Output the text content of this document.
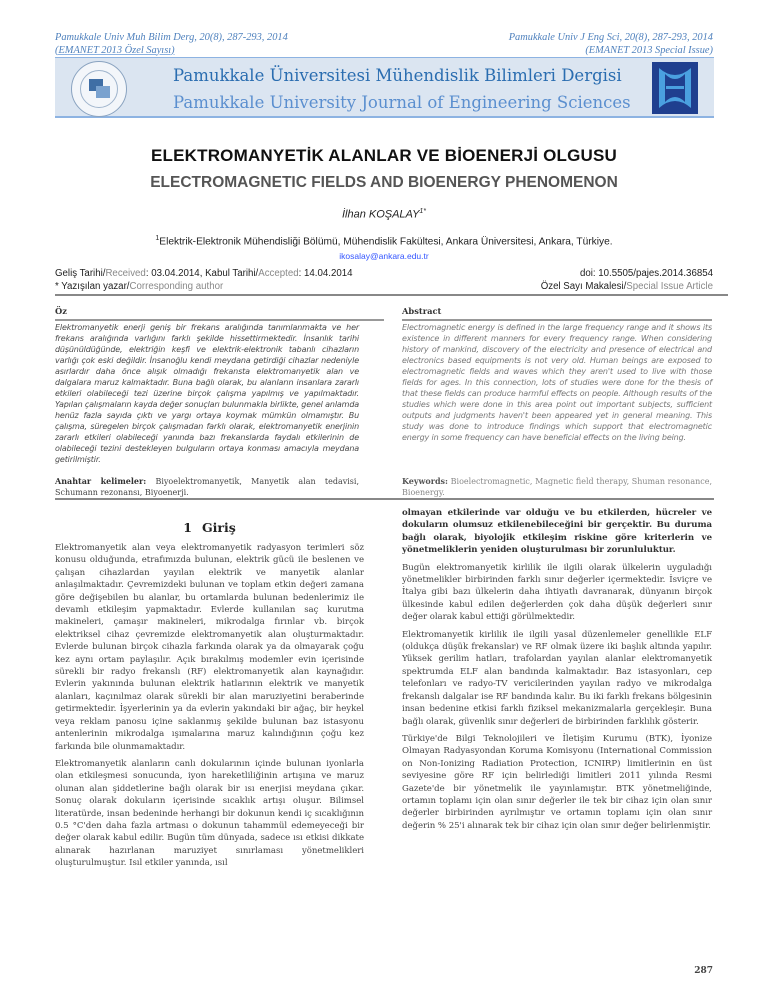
Pamukkale Univ Muh Bilim Derg, 20(8), 287-293, 2014
(EMANET 2013 Özel Sayısı)
Pamukkale Univ J Eng Sci, 20(8), 287-293, 2014
(EMANET 2013 Special Issue)
Pamukkale Üniversitesi Mühendislik Bilimleri Dergisi
Pamukkale University Journal of Engineering Sciences
ELEKTROMANYETİK ALANLAR VE BİOENERJİ OLGUSU
ELECTROMAGNETIC FIELDS AND BIOENERGY PHENOMENON
İlhan $KOŞALAY^{1*}$
$^1$Elektrik-Elektronik Mühendisliği Bölümü, Mühendislik Fakültesi, Ankara Üniversitesi, Ankara, Türkiye.
ikosalay@ankara.edu.tr
Geliş Tarihi/Received: 03.04.2014, Kabul Tarihi/Accepted: 14.04.2014
* Yazışılan yazar/Corresponding author
doi: 10.5505/pajes.2014.36854
Özel Sayı Makalesi/Special Issue Article
Öz
Elektromanyetik enerji geniş bir frekans aralığında tanımlanmakta ve her frekans aralığında varlığını farklı şekilde hissettirmektedir. İnsanlık tarihi düşünüldüğünde, elektriğin keşfi ve elektrik-elektronik tabanlı cihazların varlığı çok eski değildir. İnsanoğlu kendi meydana getirdiği cihazlar nedeniyle asırlardır daha önce alışık olmadığı frekansta elektromanyetik alan ve dalgalara maruz kalmaktadır. Buna bağlı olarak, bu alanların insanlara zararlı etkileri olabileceği tezi üzerine birçok çalışma yapılmış ve yapılmaktadır. Yapılan çalışmaların kayda değer sonuçları bulunmakla birlikte, genel anlamda henüz fazla sayıda çıktı ve yargı ortaya koymak mümkün olmamıştır. Bu çalışma, süregelen birçok çalışmadan farklı olarak, elektromanyetik enerjinin zararlı etkileri olabileceği yanında bazı frekanslarda faydalı etkilerinin de olabileceği tezini destekleyen bulguların ortaya konması amacıyla meydana getirilmiştir.
Anahtar kelimeler: Biyoelektromanyetik, Manyetik alan tedavisi, Schumann rezonansı, Biyoenerji.
Abstract
Electromagnetic energy is defined in the large frequency range and it shows its existence in different manners for every frequency range. When considering history of mankind, discovery of the electricity and presence of electrical and electronics based equipments is not very old. Human beings are exposed to electromagnetic fields and waves which they aren't used to live with those fields for ages. In this connection, lots of studies were done for the thesis of that these fields can produce harmful effects on people. Although results of the studies which were done in this area point out important subjects, sufficient outputs and judgments haven't been appeared yet in general meaning. This study was done to introduce findings which support that electromagnetic energy in some frequency can have beneficial effects on the living being.
Keywords: Bioelectromagnetic, Magnetic field therapy, Shuman resonance, Bioenergy.
1 Giriş

Elektromanyetik alan veya elektromanyetik radyasyon terimleri söz konusu olduğunda, etrafımızda bulunan, elektrik gücü ile beslenen ve çalışan cihazlardan yayılan elektrik ve manyetik alanlar anlaşılmaktadır. Çevremizdeki bulunan ve toplam etkin değeri zamana göre değişebilen bu alanlar, bu ortamlarda bulunan bedenlerimiz ile devamlı etkileşim yapmaktadır. Evlerde kullanılan saç kurutma makineleri, çamaşır makineleri, mikrodalga fırınlar vb. birçok elektriksel cihaz çevremizde elektromanyetik alan oluşturmaktadır. Evlerde bulunan birçok cihazla farkında olarak ya da olmayarak çoğu kez aynı ortam paylaşılır. Açık bırakılmış modemler evin içerisinde sürekli bir radyo frekanslı (RF) elektromanyetik alan kaynağıdır. Evlerin yakınında bulunan elektrik hatlarının elektrik ve manyetik alanları, kaçınılmaz olarak sürekli bir alan maruziyetini beraberinde getirmektedir. İşyerlerinin ya da evlerin yakındaki bir ağaç, bir heykel veya reklam panosu içine saklanmış şekilde bulunan baz istasyonu antenlerinin mikrodalga ışımalarına maruz kalındığının çoğu kez farkında bile olunmamaktadır.

Elektromanyetik alanların canlı dokularının içinde bulunan iyonlarla olan etkileşmesi sonucunda, iyon hareketliliğinin artışına ve maruz olunan alan şiddetlerine bağlı olarak bir ısı enerjisi meydana çıkar. Sonuç olarak dokuların içerisinde sıcaklık artışı oluşur. Bilimsel literatürde, insan bedeninde herhangi bir dokunun kendi iç sıcaklığının 0.5 °C'den daha fazla artması o dokunun tahammül edemeyeceği bir değer olarak kabul edilir. Bugün tüm dünyada, sadece ısı etkisi dikkate alınarak hazırlanan maruziyet sınırlaması yönetmelikleri oluşturulmuştur. Isıl etkiler yanında, ısıl

olmayan etkilerinde var olduğu ve bu etkilerden, hücreler ve dokuların olumsuz etkilenebileceğini bir gerçektir. Bu duruma bağlı olarak, biyolojik etkileşim riskine göre kriterlerin ve yönetmeliklerin yeniden oluşturulması bir zorunluluktur.

Bugün elektromanyetik kirlilik ile ilgili olarak ülkelerin uyguladığı yönetmelikler birbirinden farklı sınır değerler içermektedir. İsviçre ve İtalya gibi bazı ülkelerin daha ihtiyatlı davranarak, dünyanın birçok ülkesinde kabul edilen değerlerden çok daha düşük değerleri sınır değer olarak kabul ettiği görülmektedir.

Elektromanyetik kirlilik ile ilgili yasal düzenlemeler genellikle ELF (oldukça düşük frekanslar) ve RF olmak üzere iki başlık altında yapılır. Yüksek gerilim hatları, trafolardan yayılan alanlar elektromanyetik spektrumda ELF alan bandında kalmaktadır. Baz istasyonları, cep telefonları ve radyo-TV vericilerinden yayılan radyo ve mikrodalga frekanslı dalgalar ise RF bandında kalır. Bu iki farklı frekans bölgesinin insan bedenine etkisi farklı fiziksel mekanizmalarla gerçekleşir. Buna bağlı olarak, güvenlik sınır değerleri de birbirinden farklılık gösterir.

Türkiye'de Bilgi Teknolojileri ve İletişim Kurumu (BTK), İyonize Olmayan Radyasyondan Koruma Komisyonu (International Commission on Non-Ionizing Radiation Protection, ICNIRP) limitlerinin en üst seviyesine göre RF için belirlediği limitleri 2011 yılında Resmi Gazete'de bir yönetmelik ile yayınlamıştır. BTK yönetmeliğinde, ortamın toplamı için olan sınır değerler ile tek bir cihaz için olan sınır değerler birbirinden ayrılmıştır ve ortamın toplamı için olan sınır değerin % 25'i alınarak tek bir cihaz için olan sınır değer belirlenmiştir.

287
